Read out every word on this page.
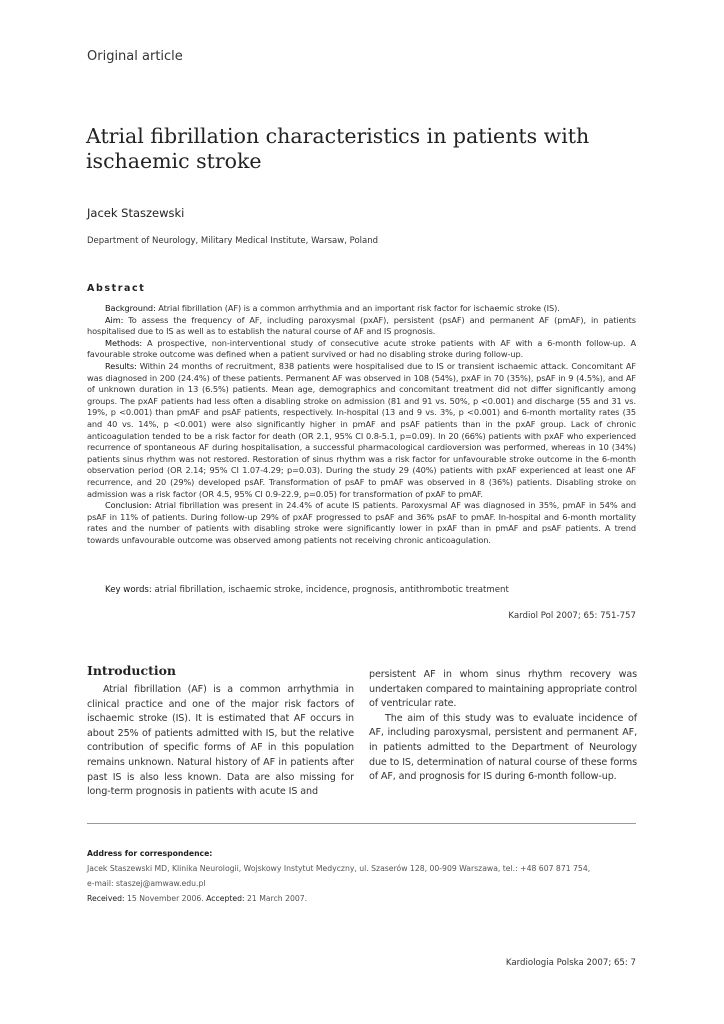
Original article
Atrial fibrillation characteristics in patients with ischaemic stroke
Jacek Staszewski
Department of Neurology, Military Medical Institute, Warsaw, Poland
Abstract

Background: Atrial fibrillation (AF) is a common arrhythmia and an important risk factor for ischaemic stroke (IS).

Aim: To assess the frequency of AF, including paroxysmal (pxAF), persistent (psAF) and permanent AF (pmAF), in patients hospitalised due to IS as well as to establish the natural course of AF and IS prognosis.

Methods: A prospective, non-interventional study of consecutive acute stroke patients with AF with a 6-month follow-up. A favourable stroke outcome was defined when a patient survived or had no disabling stroke during follow-up.

Results: Within 24 months of recruitment, 838 patients were hospitalised due to IS or transient ischaemic attack. Concomitant AF was diagnosed in 200 (24.4%) of these patients. Permanent AF was observed in 108 (54%), pxAF in 70 (35%), psAF in 9 (4.5%), and AF of unknown duration in 13 (6.5%) patients. Mean age, demographics and concomitant treatment did not differ significantly among groups. The pxAF patients had less often a disabling stroke on admission (81 and 91 vs. 50%, p <0.001) and discharge (55 and 31 vs. 19%, p <0.001) than pmAF and psAF patients, respectively. In-hospital (13 and 9 vs. 3%, p <0.001) and 6-month mortality rates (35 and 40 vs. 14%, p <0.001) were also significantly higher in pmAF and psAF patients than in the pxAF group. Lack of chronic anticoagulation tended to be a risk factor for death (OR 2.1, 95% CI 0.8-5.1, p=0.09). In 20 (66%) patients with pxAF who experienced recurrence of spontaneous AF during hospitalisation, a successful pharmacological cardioversion was performed, whereas in 10 (34%) patients sinus rhythm was not restored. Restoration of sinus rhythm was a risk factor for unfavourable stroke outcome in the 6-month observation period (OR 2.14; 95% CI 1.07-4.29; p=0.03). During the study 29 (40%) patients with pxAF experienced at least one AF recurrence, and 20 (29%) developed psAF. Transformation of psAF to pmAF was observed in 8 (36%) patients. Disabling stroke on admission was a risk factor (OR 4.5, 95% CI 0.9-22.9, p=0.05) for transformation of pxAF to pmAF.

Conclusion: Atrial fibrillation was present in 24.4% of acute IS patients. Paroxysmal AF was diagnosed in 35%, pmAF in 54% and psAF in 11% of patients. During follow-up 29% of pxAF progressed to psAF and 36% psAF to pmAF. In-hospital and 6-month mortality rates and the number of patients with disabling stroke were significantly lower in pxAF than in pmAF and psAF patients. A trend towards unfavourable outcome was observed among patients not receiving chronic anticoagulation.

Key words: atrial fibrillation, ischaemic stroke, incidence, prognosis, antithrombotic treatment
Kardiol Pol 2007; 65: 751-757
Introduction

Atrial fibrillation (AF) is a common arrhythmia in clinical practice and one of the major risk factors of ischaemic stroke (IS). It is estimated that AF occurs in about 25% of patients admitted with IS, but the relative contribution of specific forms of AF in this population remains unknown. Natural history of AF in patients after past IS is also less known. Data are also missing for long-term prognosis in patients with acute IS and

persistent AF in whom sinus rhythm recovery was undertaken compared to maintaining appropriate control of ventricular rate.

The aim of this study was to evaluate incidence of AF, including paroxysmal, persistent and permanent AF, in patients admitted to the Department of Neurology due to IS, determination of natural course of these forms of AF, and prognosis for IS during 6-month follow-up.

Address for correspondence:
Jacek Staszewski MD, Klinika Neurologii, Wojskowy Instytut Medyczny, ul. Szaserów 128, 00-909 Warszawa, tel.: +48 607 871 754,
e-mail: staszej@amwaw.edu.pl
Received: 15 November 2006. Accepted: 21 March 2007.
Kardiologia Polska 2007; 65: 7
